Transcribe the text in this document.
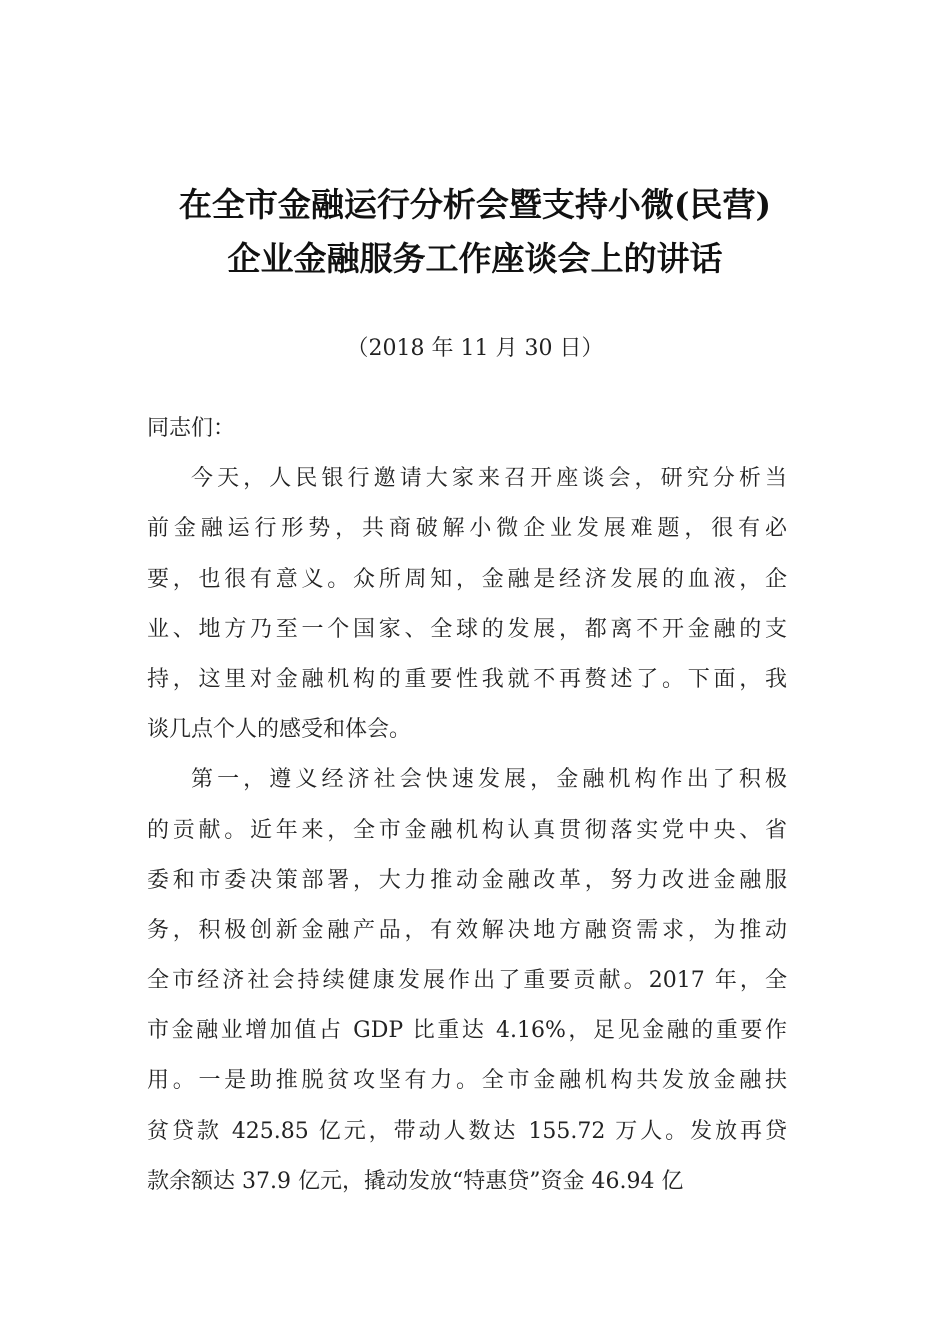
在全市金融运行分析会暨支持小微(民营)
企业金融服务工作座谈会上的讲话
（2018 年 11 月 30 日）
同志们：
今天，人民银行邀请大家来召开座谈会，研究分析当
前金融运行形势，共商破解小微企业发展难题，很有必
要，也很有意义。众所周知，金融是经济发展的血液，企
业、地方乃至一个国家、全球的发展，都离不开金融的支
持，这里对金融机构的重要性我就不再赘述了。下面，我
谈几点个人的感受和体会。
第一，遵义经济社会快速发展，金融机构作出了积极
的贡献。近年来，全市金融机构认真贯彻落实党中央、省
委和市委决策部署，大力推动金融改革，努力改进金融服
务，积极创新金融产品，有效解决地方融资需求，为推动
全市经济社会持续健康发展作出了重要贡献。2017 年，全
市金融业增加值占 GDP 比重达 4.16%，足见金融的重要作
用。一是助推脱贫攻坚有力。全市金融机构共发放金融扶
贫贷款 425.85 亿元，带动人数达 155.72 万人。发放再贷
款余额达 37.9 亿元，撬动发放“特惠贷”资金 46.94 亿
